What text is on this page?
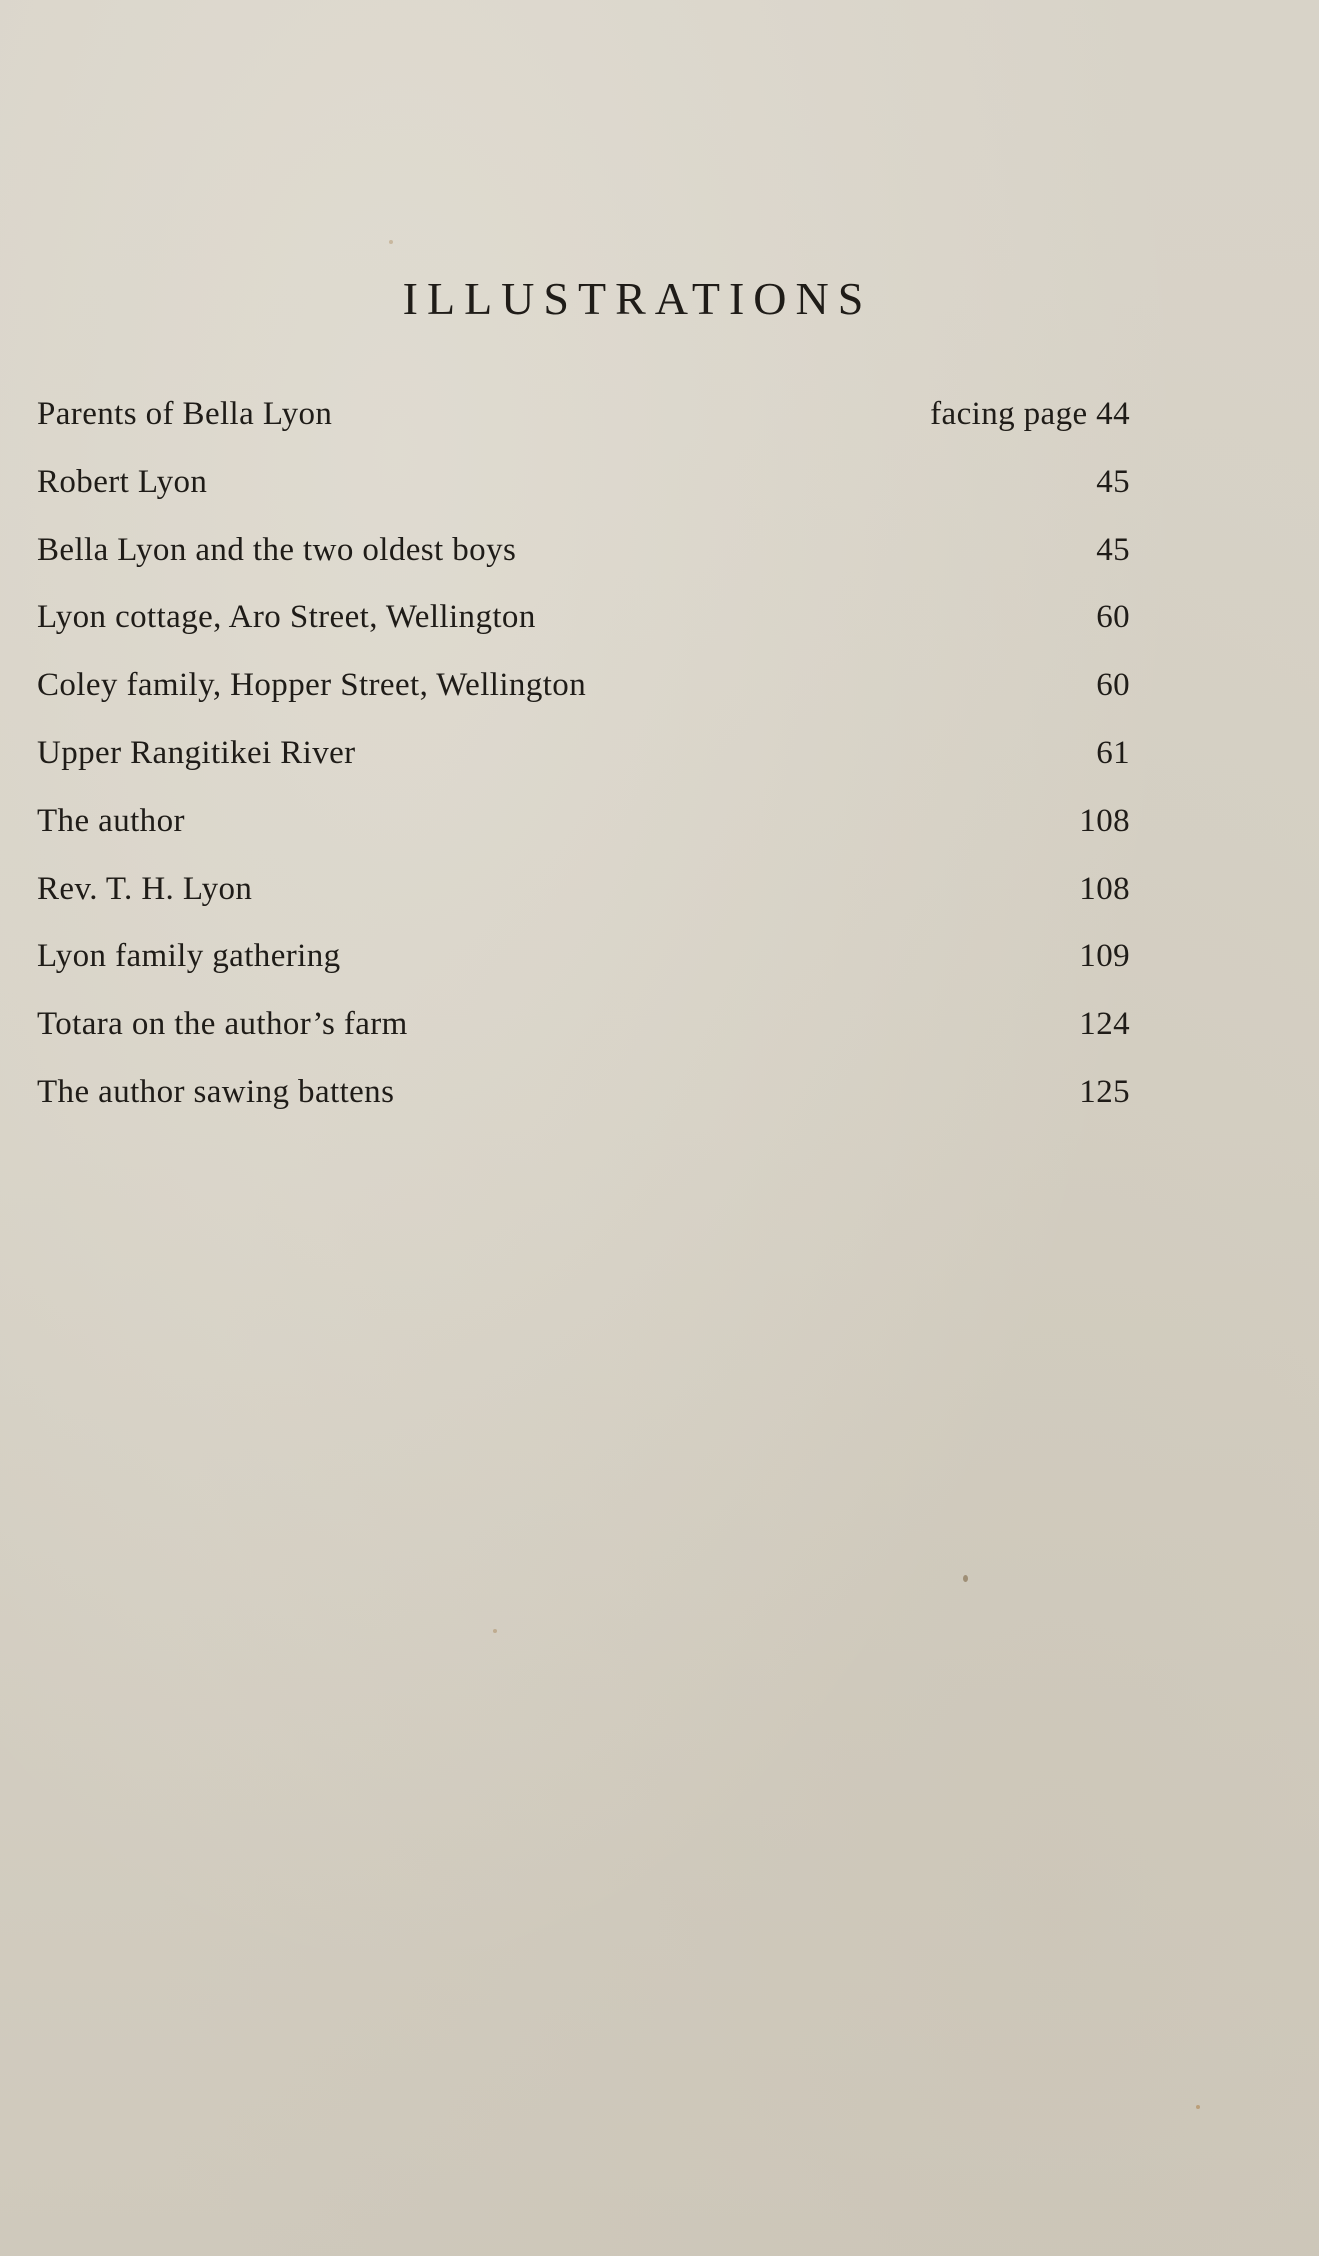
ILLUSTRATIONS
Parents of Bella Lyon	facing page 44
Robert Lyon	45
Bella Lyon and the two oldest boys	45
Lyon cottage, Aro Street, Wellington	60
Coley family, Hopper Street, Wellington	60
Upper Rangitikei River	61
The author	108
Rev. T. H. Lyon	108
Lyon family gathering	109
Totara on the author’s farm	124
The author sawing battens	125
